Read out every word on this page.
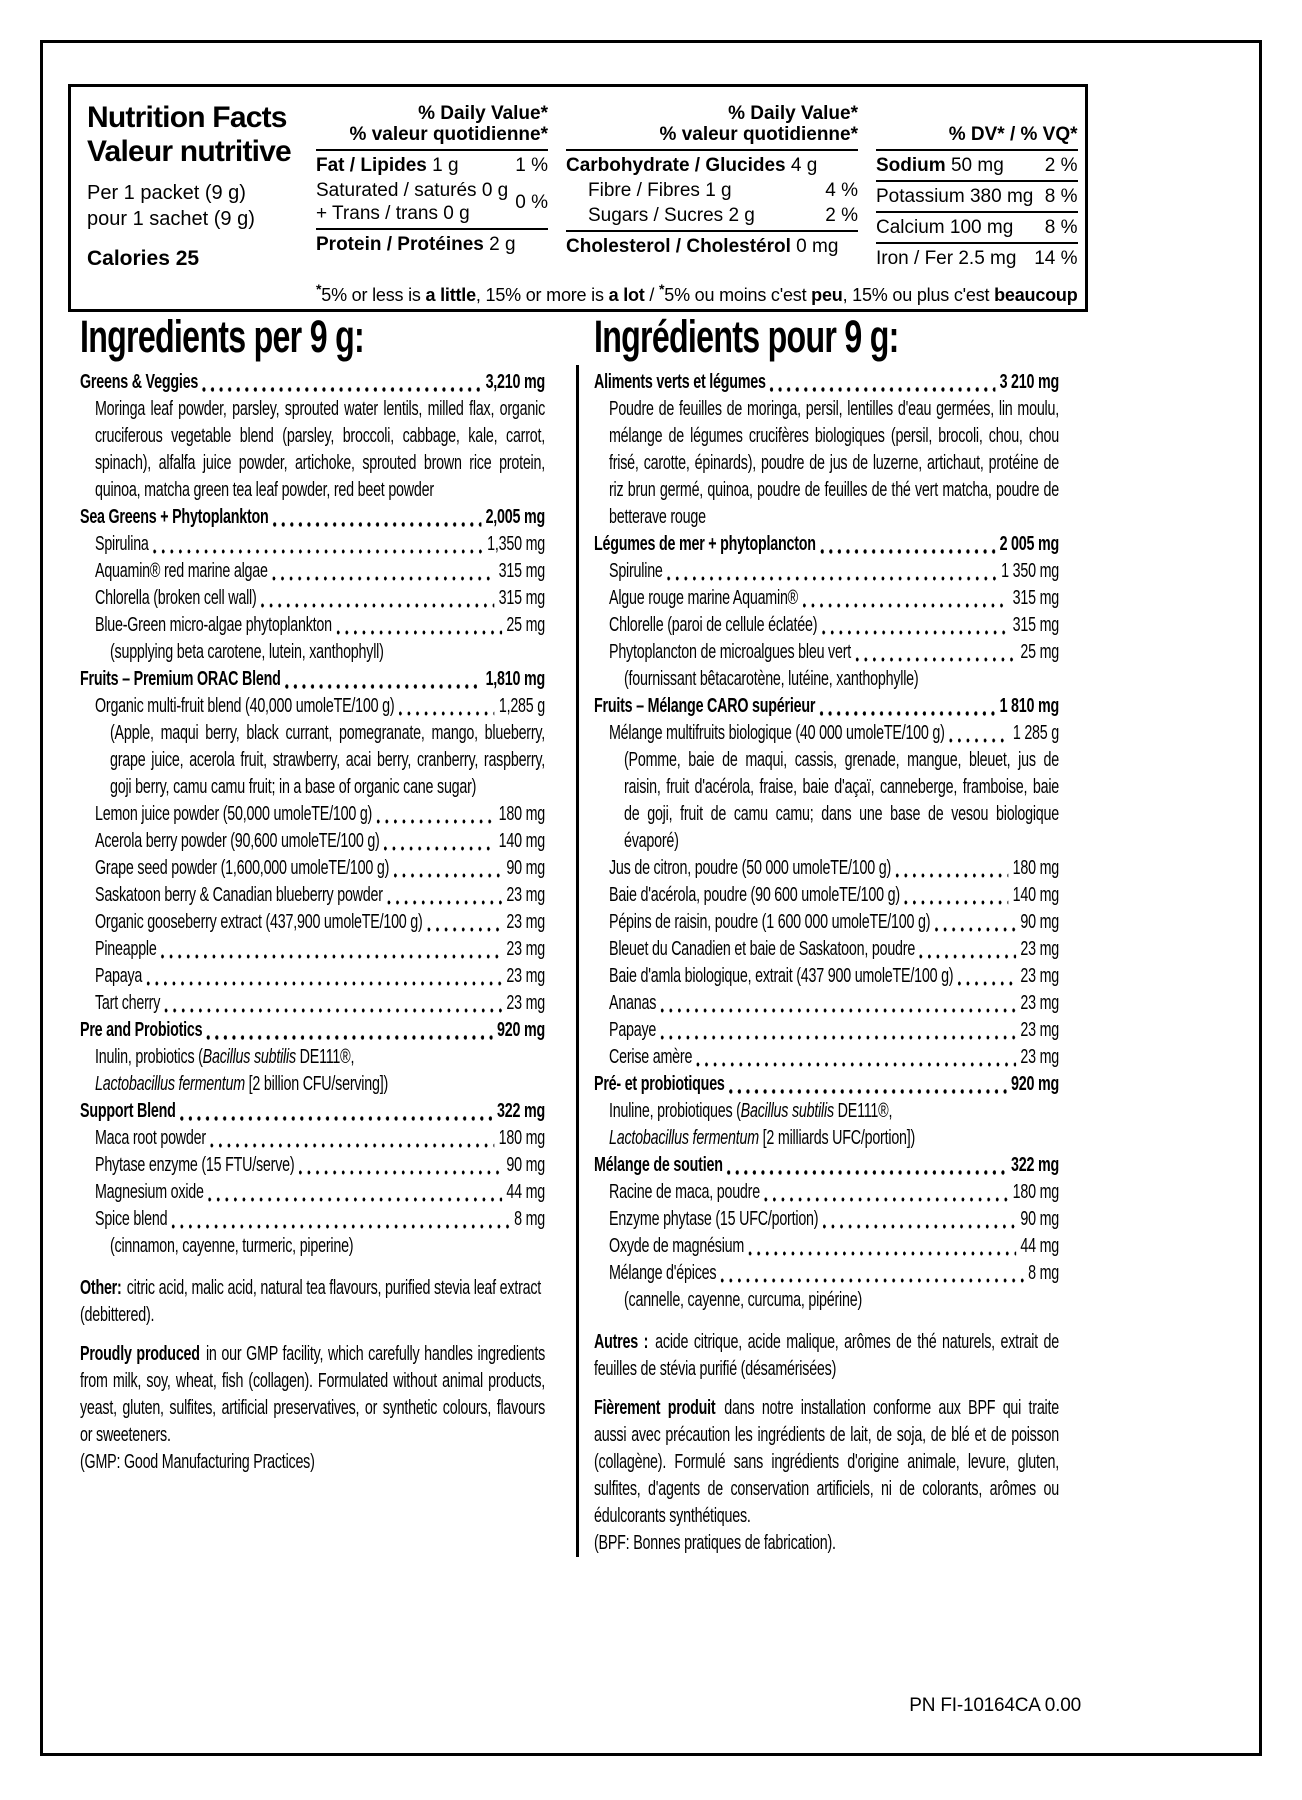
Nutrition Facts
Valeur nutritive
Per 1 packet (9 g)
pour 1 sachet (9 g)
Calories 25
% Daily Value*
% valeur quotidienne*
Fat / Lipides 1 g	1 %
Saturated / saturés 0 g
+ Trans / trans 0 g
0 %
Protein / Protéines 2 g
% Daily Value*
% valeur quotidienne*
Carbohydrate / Glucides 4 g
Fibre / Fibres 1 g	4 %
Sugars / Sucres 2 g	2 %
Cholesterol / Cholestérol 0 mg
% DV* / % VQ*
Sodium 50 mg	2 %
Potassium 380 mg 8 %
Calcium 100 mg	8 %
Iron / Fer 2.5 mg 14 %
*5% or less is a little, 15% or more is a lot / *5% ou moins c'est peu, 15% ou plus c'est beaucoup
Ingredients per 9 g:
Greens & Veggies	3,210 mg
Moringa leaf powder, parsley, sprouted water lentils, milled flax, organic cruciferous vegetable blend (parsley, broccoli, cabbage, kale, carrot, spinach), alfalfa juice powder, artichoke, sprouted brown rice protein, quinoa, matcha green tea leaf powder, red beet powder
Sea Greens + Phytoplankton	2,005 mg
Spirulina	1,350 mg
Aquamin® red marine algae	315 mg
Chlorella (broken cell wall)	315 mg
Blue-Green micro-algae phytoplankton	25 mg
(supplying beta carotene, lutein, xanthophyll)
Fruits – Premium ORAC Blend	1,810 mg
Organic multi-fruit blend (40,000 umoleTE/100 g)	1,285 g
(Apple, maqui berry, black currant, pomegranate, mango, blueberry, grape juice, acerola fruit, strawberry, acai berry, cranberry, raspberry, goji berry, camu camu fruit; in a base of organic cane sugar)
Lemon juice powder (50,000 umoleTE/100 g)	180 mg
Acerola berry powder (90,600 umoleTE/100 g)	140 mg
Grape seed powder (1,600,000 umoleTE/100 g)	90 mg
Saskatoon berry & Canadian blueberry powder	23 mg
Organic gooseberry extract (437,900 umoleTE/100 g)	23 mg
Pineapple	23 mg
Papaya	23 mg
Tart cherry	23 mg
Pre and Probiotics	920 mg
Inulin, probiotics (Bacillus subtilis DE111®,
Lactobacillus fermentum [2 billion CFU/serving])
Support Blend	322 mg
Maca root powder	180 mg
Phytase enzyme (15 FTU/serve)	90 mg
Magnesium oxide	44 mg
Spice blend	8 mg
(cinnamon, cayenne, turmeric, piperine)
Other: citric acid, malic acid, natural tea flavours, purified stevia leaf extract (debittered).
Proudly produced in our GMP facility, which carefully handles ingredients from milk, soy, wheat, fish (collagen). Formulated without animal products, yeast, gluten, sulfites, artificial preservatives, or synthetic colours, flavours or sweeteners.
(GMP: Good Manufacturing Practices)
Ingrédients pour 9 g:
Aliments verts et légumes	3 210 mg
Poudre de feuilles de moringa, persil, lentilles d'eau germées, lin moulu, mélange de légumes crucifères biologiques (persil, brocoli, chou, chou frisé, carotte, épinards), poudre de jus de luzerne, artichaut, protéine de riz brun germé, quinoa, poudre de feuilles de thé vert matcha, poudre de betterave rouge
Légumes de mer + phytoplancton	2 005 mg
Spiruline	1 350 mg
Algue rouge marine Aquamin®	315 mg
Chlorelle (paroi de cellule éclatée)	315 mg
Phytoplancton de microalgues bleu vert	25 mg
(fournissant bêtacarotène, lutéine, xanthophylle)
Fruits – Mélange CARO supérieur	1 810 mg
Mélange multifruits biologique (40 000 umoleTE/100 g)	1 285 g
(Pomme, baie de maqui, cassis, grenade, mangue, bleuet, jus de raisin, fruit d'acérola, fraise, baie d'açaï, canneberge, framboise, baie de goji, fruit de camu camu; dans une base de vesou biologique évaporé)
Jus de citron, poudre (50 000 umoleTE/100 g)	180 mg
Baie d'acérola, poudre (90 600 umoleTE/100 g)	140 mg
Pépins de raisin, poudre (1 600 000 umoleTE/100 g)	90 mg
Bleuet du Canadien et baie de Saskatoon, poudre	23 mg
Baie d'amla biologique, extrait (437 900 umoleTE/100 g)	23 mg
Ananas	23 mg
Papaye	23 mg
Cerise amère	23 mg
Pré- et probiotiques	920 mg
Inuline, probiotiques (Bacillus subtilis DE111®,
Lactobacillus fermentum [2 milliards UFC/portion])
Mélange de soutien	322 mg
Racine de maca, poudre	180 mg
Enzyme phytase (15 UFC/portion)	90 mg
Oxyde de magnésium	44 mg
Mélange d'épices	8 mg
(cannelle, cayenne, curcuma, pipérine)
Autres : acide citrique, acide malique, arômes de thé naturels, extrait de feuilles de stévia purifié (désamérisées)
Fièrement produit dans notre installation conforme aux BPF qui traite aussi avec précaution les ingrédients de lait, de soja, de blé et de poisson (collagène). Formulé sans ingrédients d'origine animale, levure, gluten, sulfites, d'agents de conservation artificiels, ni de colorants, arômes ou édulcorants synthétiques.
(BPF: Bonnes pratiques de fabrication).
PN FI-10164CA 0.00
